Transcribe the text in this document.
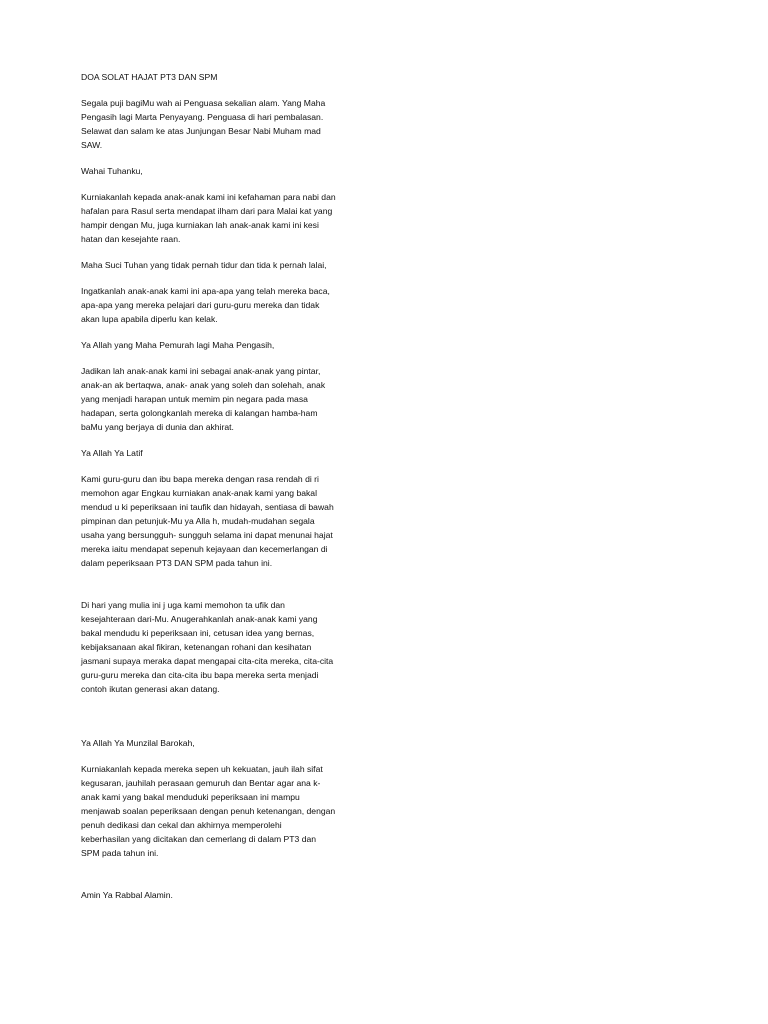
DOA SOLAT HAJAT PT3 DAN SPM
Segala puji bagiMu wah ai Penguasa sekalian alam. Yang Maha
Pengasih lagi Marta Penyayang. Penguasa di hari pembalasan.
Selawat dan salam ke atas Junjungan Besar Nabi Muham mad
SAW.
Wahai Tuhanku,
Kurniakanlah kepada anak-anak kami ini kefahaman para nabi dan
hafalan para Rasul serta mendapat ilham dari para Malai kat yang
hampir dengan Mu, juga kurniakan lah anak-anak kami ini kesi
hatan dan kesejahte raan.
Maha Suci Tuhan yang tidak pernah tidur dan tida k pernah lalai,
Ingatkanlah anak-anak kami ini apa-apa yang telah mereka baca,
apa-apa yang mereka pelajari dari guru-guru mereka dan tidak
akan lupa apabila diperlu kan kelak.
Ya Allah yang Maha Pemurah lagi Maha Pengasih,
Jadikan lah anak-anak kami ini sebagai anak-anak yang pintar,
anak-an ak bertaqwa, anak- anak yang soleh dan solehah, anak
yang menjadi harapan untuk memim pin negara pada masa
hadapan, serta golongkanlah mereka di kalangan hamba-ham
baMu yang berjaya di dunia dan akhirat.
Ya Allah Ya Latif
Kami guru-guru dan ibu bapa mereka dengan rasa rendah di ri
memohon agar Engkau kurniakan anak-anak kami yang bakal
mendud u ki peperiksaan ini taufik dan hidayah, sentiasa di bawah
pimpinan dan petunjuk-Mu ya Alla h, mudah-mudahan segala
usaha yang bersungguh- sungguh selama ini dapat menunai hajat
mereka iaitu mendapat sepenuh kejayaan dan kecemerlangan di
dalam peperiksaan PT3 DAN SPM pada tahun ini.
Di hari yang mulia ini j uga kami memohon ta ufik dan
kesejahteraan dari-Mu. Anugerahkanlah anak-anak kami yang
bakal mendudu ki peperiksaan ini, cetusan idea yang bernas,
kebijaksanaan akal fikiran, ketenangan rohani dan kesihatan
jasmani supaya meraka dapat mengapai cita-cita mereka, cita-cita
guru-guru mereka dan cita-cita ibu bapa mereka serta menjadi
contoh ikutan generasi akan datang.
Ya Allah Ya Munzilal Barokah,
Kurniakanlah kepada mereka sepen uh kekuatan, jauh ilah sifat
kegusaran, jauhilah perasaan gemuruh dan Bentar agar ana k-
anak kami yang bakal menduduki peperiksaan ini mampu
menjawab soalan peperiksaan dengan penuh ketenangan, dengan
penuh dedikasi dan cekal dan akhirnya memperolehi
keberhasilan yang dicitakan dan cemerlang di dalam PT3 dan
SPM pada tahun ini.
Amin Ya Rabbal Alamin.
